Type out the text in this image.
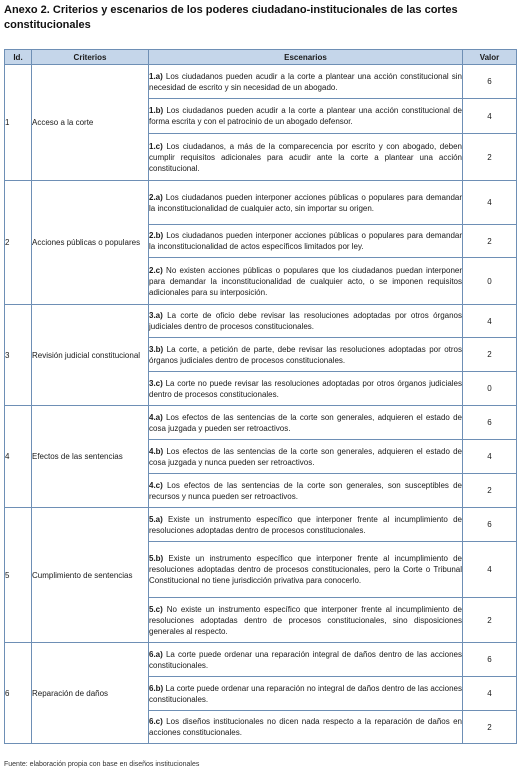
Anexo 2. Criterios y escenarios de los poderes ciudadano-institucionales de las cortes constitucionales
Id.	Criterios	Escenarios	Valor
1	Acceso a la corte	1.a) Los ciudadanos pueden acudir a la corte a plantear una acción constitucional sin necesidad de escrito y sin necesidad de un abogado.	6
		1.b) Los ciudadanos pueden acudir a la corte a plantear una acción constitucional de forma escrita y con el patrocinio de un abogado defensor.	4
		1.c) Los ciudadanos, a más de la comparecencia por escrito y con abogado, deben cumplir requisitos adicionales para acudir ante la corte a plantear una acción constitucional.	2
2	Acciones públicas o populares	2.a) Los ciudadanos pueden interponer acciones públicas o populares para demandar la inconstitucionalidad de cualquier acto, sin importar su origen.	4
		2.b) Los ciudadanos pueden interponer acciones públicas o populares para demandar la inconstitucionalidad de actos específicos limitados por ley.	2
		2.c) No existen acciones públicas o populares que los ciudadanos puedan interponer para demandar la inconstitucionalidad de cualquier acto, o se imponen requisitos adicionales para su interposición.	0
3	Revisión judicial constitucional	3.a) La corte de oficio debe revisar las resoluciones adoptadas por otros órganos judiciales dentro de procesos constitucionales.	4
		3.b) La corte, a petición de parte, debe revisar las resoluciones adoptadas por otros órganos judiciales dentro de procesos constitucionales.	2
		3.c) La corte no puede revisar las resoluciones adoptadas por otros órganos judiciales dentro de procesos constitucionales.	0
4	Efectos de las sentencias	4.a) Los efectos de las sentencias de la corte son generales, adquieren el estado de cosa juzgada y pueden ser retroactivos.	6
		4.b) Los efectos de las sentencias de la corte son generales, adquieren el estado de cosa juzgada y nunca pueden ser retroactivos.	4
		4.c) Los efectos de las sentencias de la corte son generales, son susceptibles de recursos y nunca pueden ser retroactivos.	2
5	Cumplimiento de sentencias	5.a) Existe un instrumento específico que interponer frente al incumplimiento de resoluciones adoptadas dentro de procesos constitucionales.	6
		5.b) Existe un instrumento específico que interponer frente al incumplimiento de resoluciones adoptadas dentro de procesos constitucionales, pero la Corte o Tribunal Constitucional no tiene jurisdicción privativa para conocerlo.	4
		5.c) No existe un instrumento específico que interponer frente al incumplimiento de resoluciones adoptadas dentro de procesos constitucionales, sino disposiciones generales al respecto.	2
6	Reparación de daños	6.a) La corte puede ordenar una reparación integral de daños dentro de las acciones constitucionales.	6
		6.b) La corte puede ordenar una reparación no integral de daños dentro de las acciones constitucionales.	4
		6.c) Los diseños institucionales no dicen nada respecto a la reparación de daños en acciones constitucionales.	2
Fuente: elaboración propia con base en diseños institucionales
